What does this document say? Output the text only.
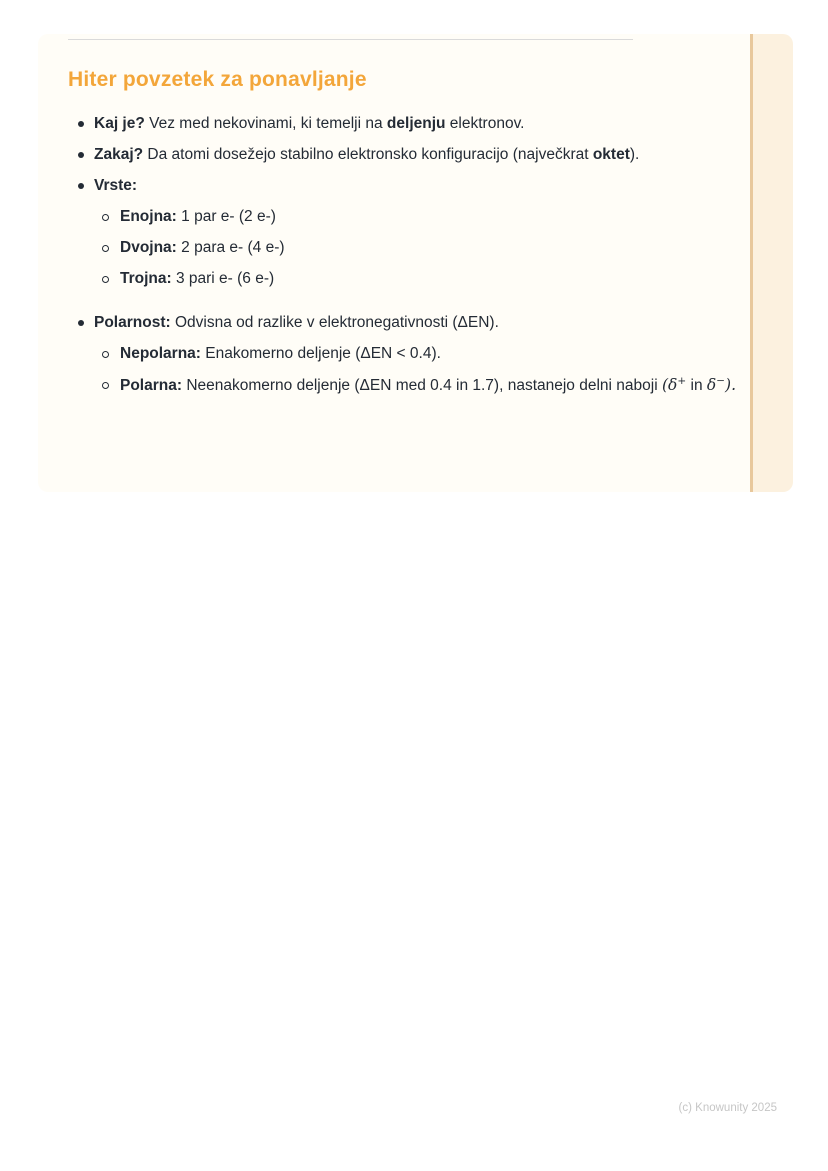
Hiter povzetek za ponavljanje

Kaj je? Vez med nekovinami, ki temelji na deljenju elektronov.

Zakaj? Da atomi dosežejo stabilno elektronsko konfiguracijo (največkrat oktet).

Vrste:

Enojna: 1 par e- (2 e-)

Dvojna: 2 para e- (4 e-)

Trojna: 3 pari e- (6 e-)

Polarnost: Odvisna od razlike v elektronegativnosti (ΔEN).

Nepolarna: Enakomerno deljenje (ΔEN < 0.4).

Polarna: Neenakomerno deljenje (ΔEN med 0.4 in 1.7), nastanejo delni naboji (δ+ in δ−).

(c) Knowunity 2025
